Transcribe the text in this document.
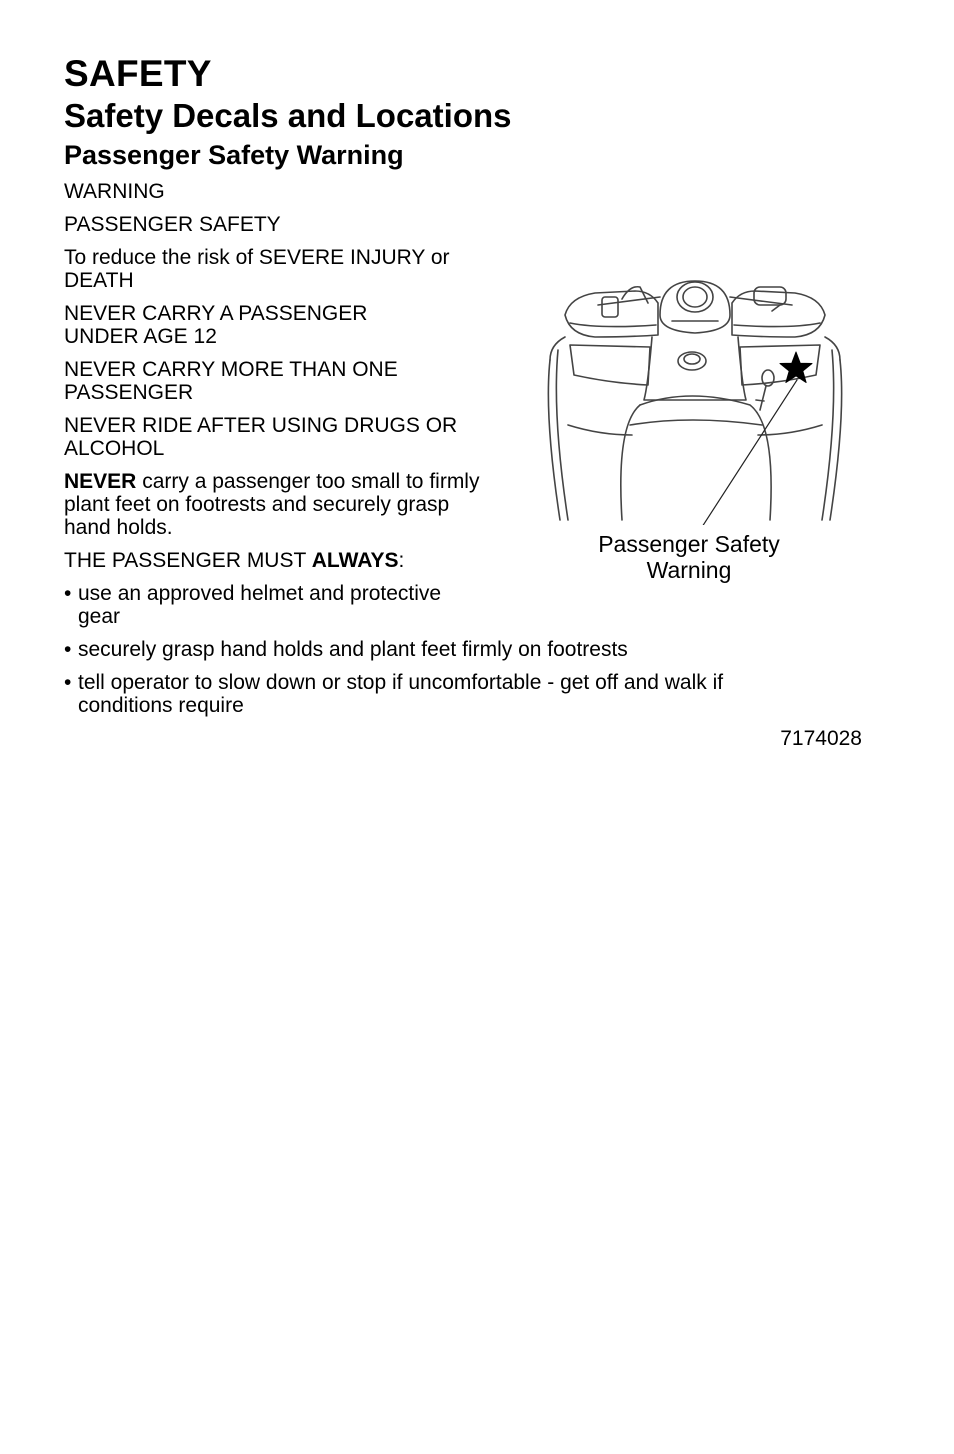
SAFETY
Safety Decals and Locations
Passenger Safety Warning

WARNING

PASSENGER SAFETY

To reduce the risk of SEVERE INJURY or DEATH

NEVER CARRY A PASSENGER UNDER AGE 12

NEVER CARRY MORE THAN ONE PASSENGER

NEVER RIDE AFTER USING DRUGS OR ALCOHOL

NEVER carry a passenger too small to firmly plant feet on footrests and securely grasp hand holds.

THE PASSENGER MUST ALWAYS:

• use an approved helmet and protective gear

• securely grasp hand holds and plant feet firmly on footrests

• tell operator to slow down or stop if uncomfortable - get off and walk if conditions require

7174028
Passenger Safety Warning
